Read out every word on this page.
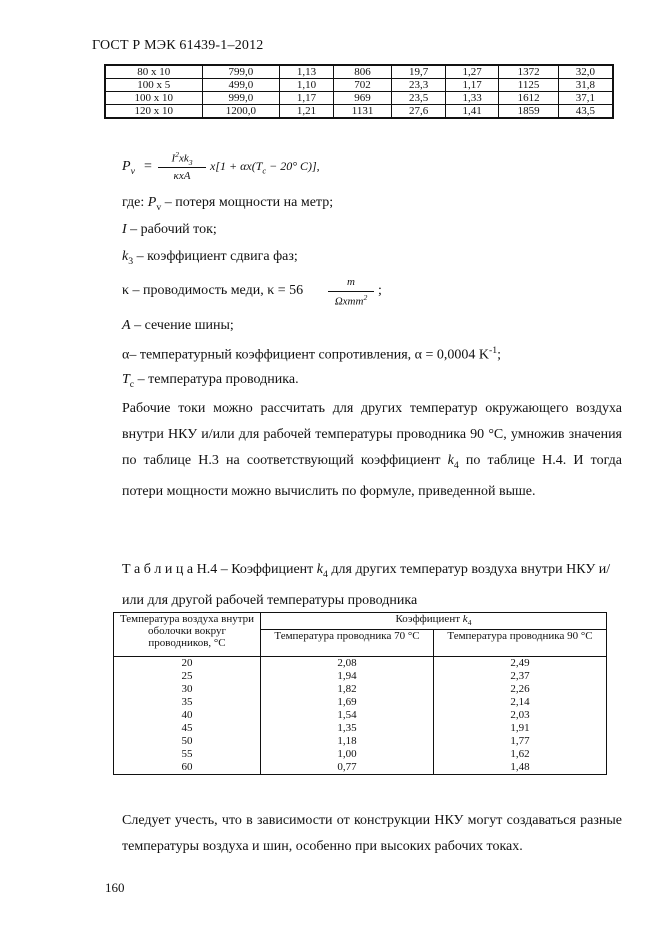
ГОСТ Р МЭК 61439-1–2012
80 x 10	799,0	1,13	806	19,7	1,27	1372	32,0
100 x 5	499,0	1,10	702	23,3	1,17	1125	31,8
100 x 10	999,0	1,17	969	23,5	1,33	1612	37,1
120 x 10	1200,0	1,21	1131	27,6	1,41	1859	43,5
$P_v$ =
$I^2xk_3$
κxA
$x[1 + \alpha x(T_c - 20^\circ$ C)],
где: $P_v$ – потеря мощности на метр;
I – рабочий ток;
$k_3$ – коэффициент сдвига фаз;
κ – проводимость меди, κ = 56
m
Ωxmm$^2$ ;
A – сечение шины;
α– температурный коэффициент сопротивления, α = 0,0004 $K^{-1}$;
$T_c$ – температура проводника.

Рабочие токи можно рассчитать для других температур окружающего воздуха внутри НКУ и/или для рабочей температуры проводника 90 °С, умножив значения по таблице Н.3 на соответствующий коэффициент $k_4$ по таблице Н.4. И тогда потери мощности можно вычислить по формуле, приведенной выше.

Т а б л и ц а Н.4 – Коэффициент $k_4$ для других температур воздуха внутри НКУ и/или для другой рабочей температуры проводника
Температура воздуха внутри оболочки вокруг проводников, °С	Коэффициент $k_4$
	Температура проводника 70 °С	Температура проводника 90 °С
20	2,08	2,49
25	1,94	2,37
30	1,82	2,26
35	1,69	2,14
40	1,54	2,03
45	1,35	1,91
50	1,18	1,77
55	1,00	1,62
60	0,77	1,48

Следует учесть, что в зависимости от конструкции НКУ могут создаваться разные температуры воздуха и шин, особенно при высоких рабочих токах.

160
